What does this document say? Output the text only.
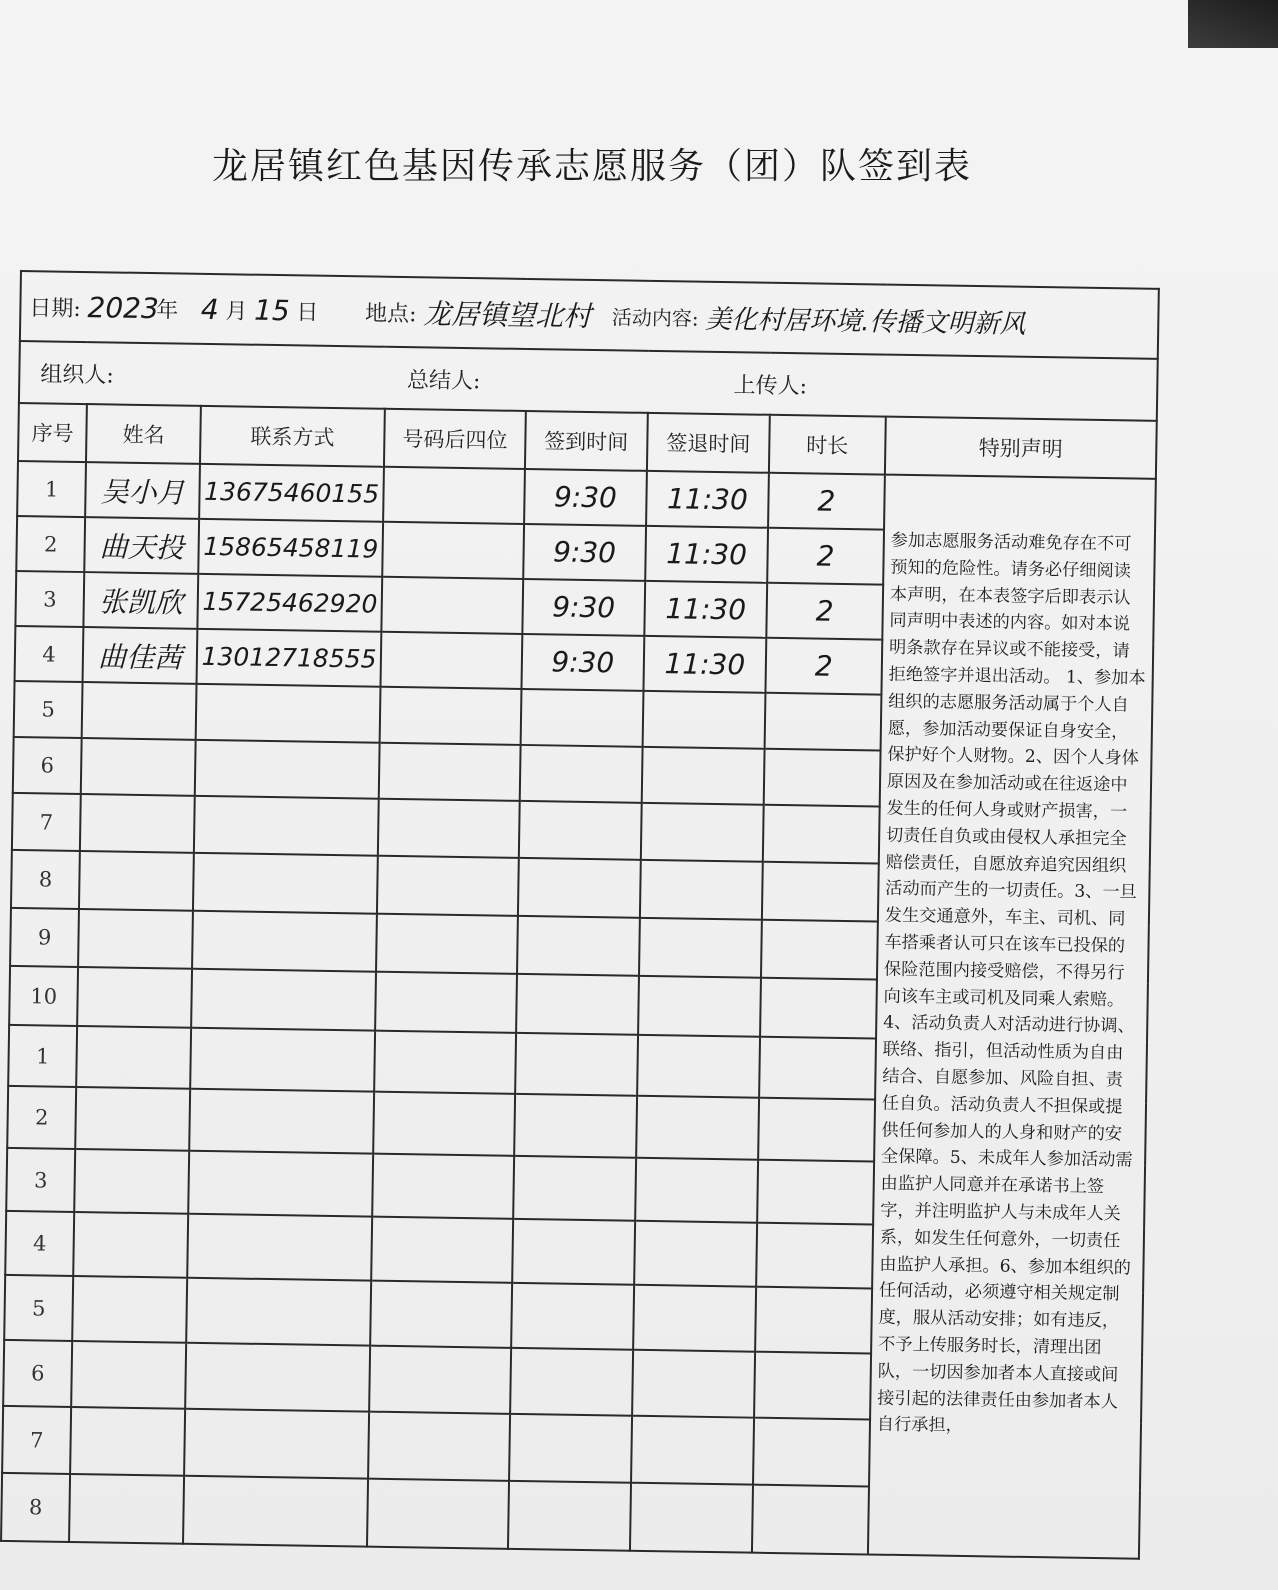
龙居镇红色基因传承志愿服务（团）队签到表
日期: 2023 年 4 月 15 日 地点: 龙居镇望北村 活动内容: 美化村居环境.传播文明新风							
组织人: 总结人: 上传人:							
序号	姓名	联系方式	号码后四位	签到时间	签退时间	时长	特别声明
1	吴小月	13675460155		9:30	11:30	2	参加志愿服务活动难免存在不可预知的危险性。请务必仔细阅读本声明，在本表签字后即表示认同声明中表述的内容。如对本说明条款存在异议或不能接受，请拒绝签字并退出活动。 1、参加本组织的志愿服务活动属于个人自愿，参加活动要保证自身安全，保护好个人财物。2、因个人身体原因及在参加活动或在往返途中发生的任何人身或财产损害，一切责任自负或由侵权人承担完全赔偿责任，自愿放弃追究因组织活动而产生的一切责任。3、一旦发生交通意外，车主、司机、同车搭乘者认可只在该车已投保的保险范围内接受赔偿，不得另行向该车主或司机及同乘人索赔。4、活动负责人对活动进行协调、联络、指引，但活动性质为自由结合、自愿参加、风险自担、责任自负。活动负责人不担保或提供任何参加人的人身和财产的安全保障。5、未成年人参加活动需由监护人同意并在承诺书上签字，并注明监护人与未成年人关系，如发生任何意外，一切责任由监护人承担。6、参加本组织的任何活动，必须遵守相关规定制度，服从活动安排；如有违反，不予上传服务时长，清理出团队，一切因参加者本人直接或间接引起的法律责任由参加者本人自行承担，
2	曲天投	15865458119		9:30	11:30	2	
3	张凯欣	15725462920		9:30	11:30	2	
4	曲佳茜	13012718555		9:30	11:30	2	
5							
6							
7							
8							
9							
10							
1							
2							
3							
4							
5							
6							
7							
8							
